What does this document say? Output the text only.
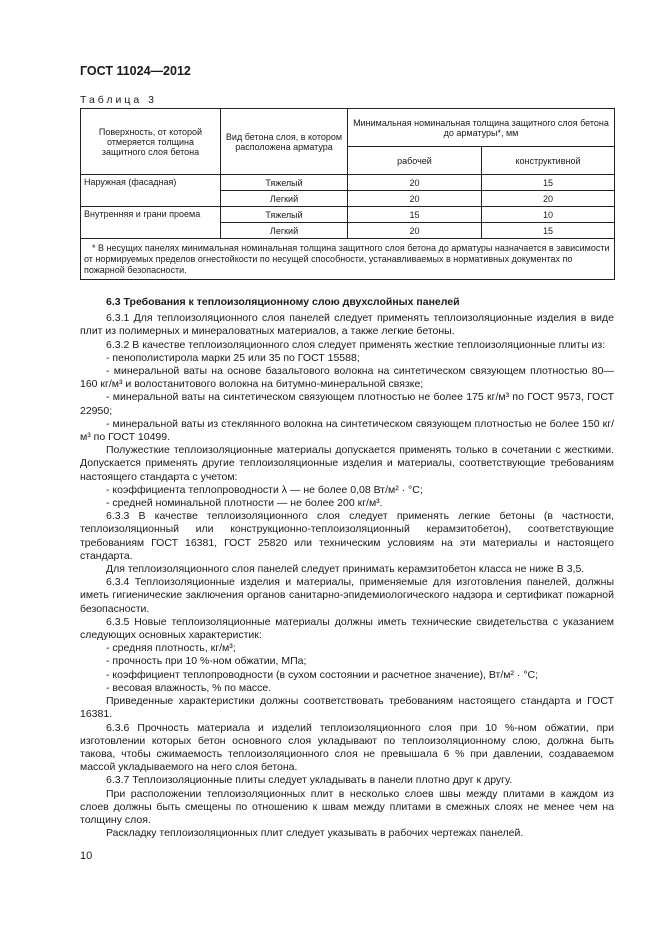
ГОСТ 11024—2012
Таблица 3
Поверхность, от которой отмеряется толщина защитного слоя бетона	Вид бетона слоя, в котором расположена арматура	Минимальная номинальная толщина защитного слоя бетона до арматуры*, мм	
		рабочей	конструктивной
Наружная (фасадная)	Тяжелый	20	15
	Легкий	20	20
Внутренняя и грани проема	Тяжелый	15	10
	Легкий	20	15
* В несущих панелях минимальная номинальная толщина защитного слоя бетона до арматуры назначается в зависимости от нормируемых пределов огнестойкости по несущей способности, устанавливаемых в нормативных документах по пожарной безопасности.			

6.3 Требования к теплоизоляционному слою двухслойных панелей

6.3.1 Для теплоизоляционного слоя панелей следует применять теплоизоляционные изделия в виде плит из полимерных и минераловатных материалов, а также легкие бетоны.

6.3.2 В качестве теплоизоляционного слоя следует применять жесткие теплоизоляционные плиты из:

- пенополистирола марки 25 или 35 по ГОСТ 15588;

- минеральной ваты на основе базальтового волокна на синтетическом связующем плотностью 80—160 кг/м³ и волостанитового волокна на битумно-минеральной связке;

- минеральной ваты на синтетическом связующем плотностью не более 175 кг/м³ по ГОСТ 9573, ГОСТ 22950;

- минеральной ваты из стеклянного волокна на синтетическом связующем плотностью не более 150 кг/м³ по ГОСТ 10499.

Полужесткие теплоизоляционные материалы допускается применять только в сочетании с жесткими. Допускается применять другие теплоизоляционные изделия и материалы, соответствующие требованиям настоящего стандарта с учетом:

- коэффициента теплопроводности λ — не более 0,08 Вт/м² · °С;

- средней номинальной плотности — не более 200 кг/м³.

6.3.3 В качестве теплоизоляционного слоя следует применять легкие бетоны (в частности, теплоизоляционный или конструкционно-теплоизоляционный керамзитобетон), соответствующие требованиям ГОСТ 16381, ГОСТ 25820 или техническим условиям на эти материалы и настоящего стандарта.

Для теплоизоляционного слоя панелей следует принимать керамзитобетон класса не ниже В 3,5.

6.3.4 Теплоизоляционные изделия и материалы, применяемые для изготовления панелей, должны иметь гигиенические заключения органов санитарно-эпидемиологического надзора и сертификат пожарной безопасности.

6.3.5 Новые теплоизоляционные материалы должны иметь технические свидетельства с указанием следующих основных характеристик:

- средняя плотность, кг/м³;

- прочность при 10 %-ном обжатии, МПа;

- коэффициент теплопроводности (в сухом состоянии и расчетное значение), Вт/м² · °С;

- весовая влажность, % по массе.

Приведенные характеристики должны соответствовать требованиям настоящего стандарта и ГОСТ 16381.

6.3.6 Прочность материала и изделий теплоизоляционного слоя при 10 %-ном обжатии, при изготовлении которых бетон основного слоя укладывают по теплоизоляционному слою, должна быть такова, чтобы сжимаемость теплоизоляционного слоя не превышала 6 % при давлении, создаваемом массой укладываемого на него слоя бетона.

6.3.7 Теплоизоляционные плиты следует укладывать в панели плотно друг к другу.

При расположении теплоизоляционных плит в несколько слоев швы между плитами в каждом из слоев должны быть смещены по отношению к швам между плитами в смежных слоях не менее чем на толщину слоя.

Раскладку теплоизоляционных плит следует указывать в рабочих чертежах панелей.

10
